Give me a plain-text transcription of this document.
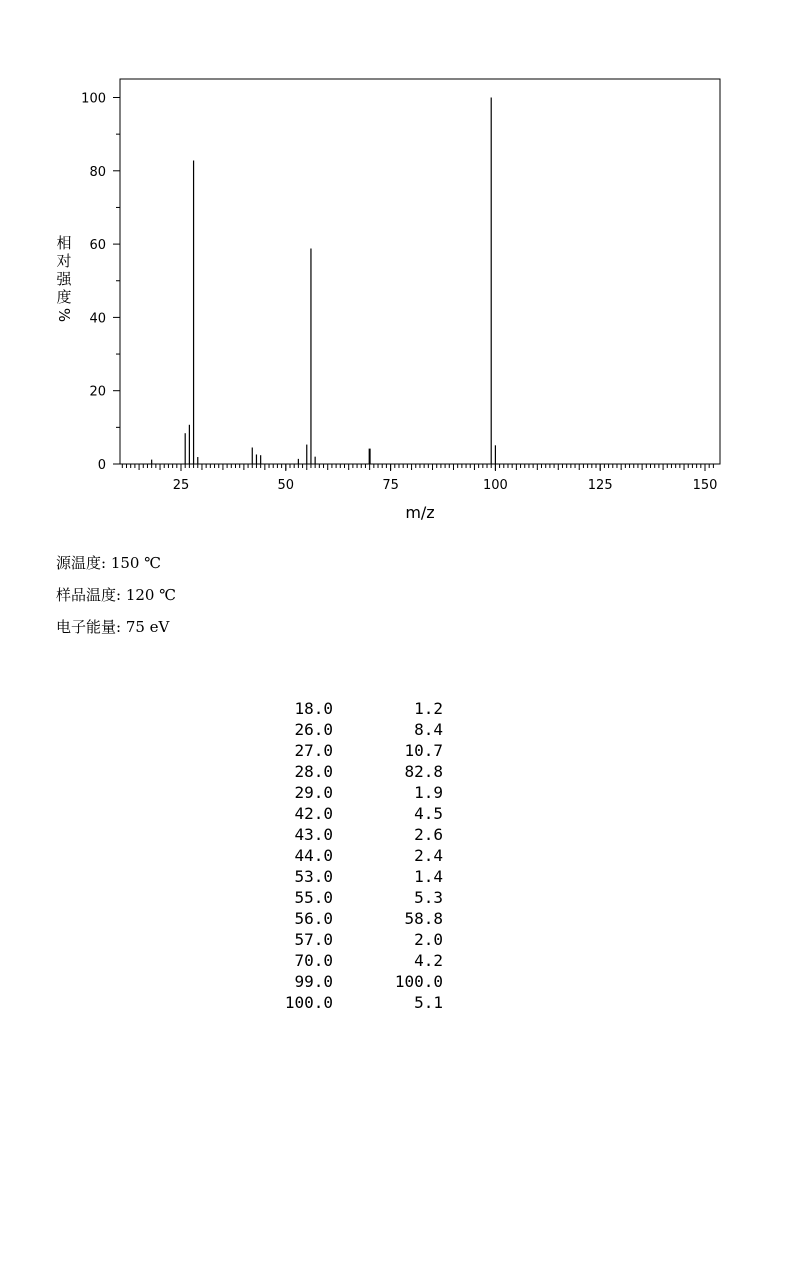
25	50	75	100	125	150
0
20
40
60
80
100
m/z
相
对
强
度
%
源温度: 150 ℃
样品温度: 120 ℃
电子能量: 75 eV
18.0	1.2
26.0	8.4
27.0	10.7
28.0	82.8
29.0	1.9
42.0	4.5
43.0	2.6
44.0	2.4
53.0	1.4
55.0	5.3
56.0	58.8
57.0	2.0
70.0	4.2
99.0	100.0
100.0	5.1
